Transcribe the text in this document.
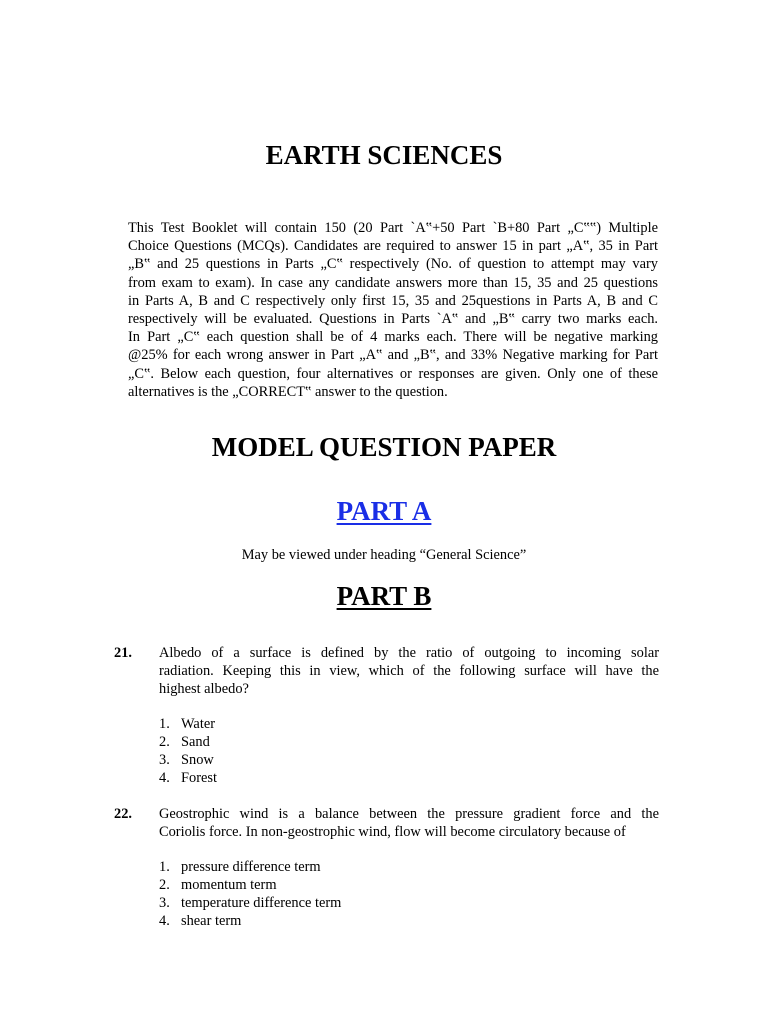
EARTH SCIENCES
This Test Booklet will contain 150 (20 Part `A‟+50 Part `B+80 Part „C‟‟) Multiple
Choice Questions (MCQs). Candidates are required to answer 15 in part „A‟, 35 in Part
„B‟ and 25 questions in Parts „C‟ respectively (No. of question to attempt may vary
from exam to exam). In case any candidate answers more than 15, 35 and 25 questions
in Parts A, B and C respectively only first 15, 35 and 25questions in Parts A, B and C
respectively will be evaluated. Questions in Parts `A‟ and „B‟ carry two marks each.
In Part „C‟ each question shall be of 4 marks each. There will be negative marking
@25% for each wrong answer in Part „A‟ and „B‟, and 33% Negative marking for Part
„C‟. Below each question, four alternatives or responses are given. Only one of these
alternatives is the „CORRECT‟ answer to the question.
MODEL QUESTION PAPER
PART A
May be viewed under heading “General Science”
PART B
21. Albedo of a surface is defined by the ratio of outgoing to incoming solar
radiation. Keeping this in view, which of the following surface will have the
highest albedo?
1. Water
2. Sand
3. Snow
4. Forest
22. Geostrophic wind is a balance between the pressure gradient force and the
Coriolis force. In non-geostrophic wind, flow will become circulatory because of
1. pressure difference term
2. momentum term
3. temperature difference term
4. shear term
